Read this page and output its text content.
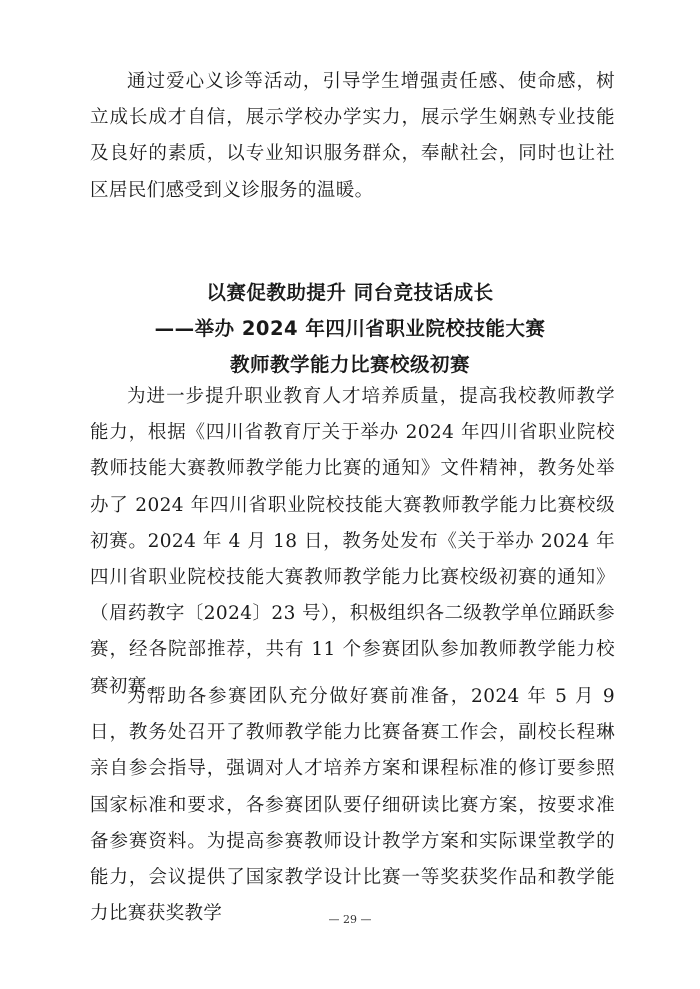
通过爱心义诊等活动，引导学生增强责任感、使命感，树立成长成才自信，展示学校办学实力，展示学生娴熟专业技能及良好的素质，以专业知识服务群众，奉献社会，同时也让社区居民们感受到义诊服务的温暖。

以赛促教助提升 同台竞技话成长
——举办 2024 年四川省职业院校技能大赛
教师教学能力比赛校级初赛

为进一步提升职业教育人才培养质量，提高我校教师教学能力，根据《四川省教育厅关于举办 2024 年四川省职业院校教师技能大赛教师教学能力比赛的通知》文件精神，教务处举办了 2024 年四川省职业院校技能大赛教师教学能力比赛校级初赛。2024 年 4 月 18 日，教务处发布《关于举办 2024 年四川省职业院校技能大赛教师教学能力比赛校级初赛的通知》（眉药教字〔2024〕23 号），积极组织各二级教学单位踊跃参赛，经各院部推荐，共有 11 个参赛团队参加教师教学能力校赛初赛。

为帮助各参赛团队充分做好赛前准备，2024 年 5 月 9 日，教务处召开了教师教学能力比赛备赛工作会，副校长程琳亲自参会指导，强调对人才培养方案和课程标准的修订要参照国家标准和要求，各参赛团队要仔细研读比赛方案，按要求准备参赛资料。为提高参赛教师设计教学方案和实际课堂教学的能力，会议提供了国家教学设计比赛一等奖获奖作品和教学能力比赛获奖教学	— 29 —
